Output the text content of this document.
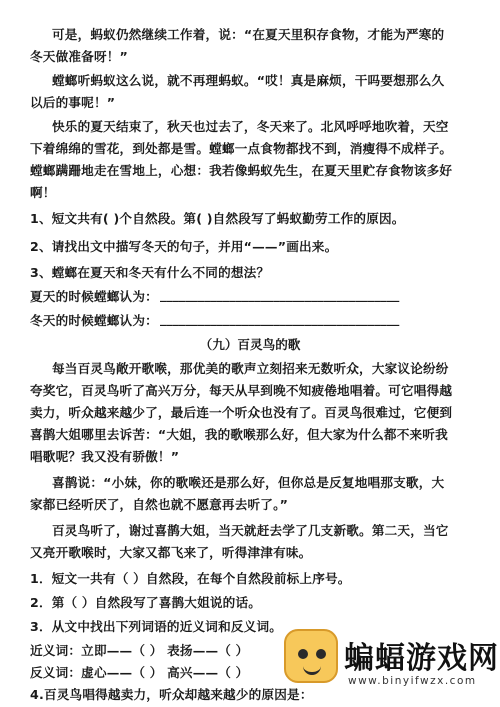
可是，蚂蚁仍然继续工作着，说：“在夏天里积存食物，才能为严寒的
冬天做准备呀！”
螳螂听蚂蚁这么说，就不再理蚂蚁。“哎！真是麻烦，干吗要想那么久
以后的事呢！”
快乐的夏天结束了，秋天也过去了，冬天来了。北风呼呼地吹着，天空
下着绵绵的雪花，到处都是雪。螳螂一点食物都找不到，消瘦得不成样子。
螳螂蹒跚地走在雪地上，心想：我若像蚂蚁先生，在夏天里贮存食物该多好
啊！
1、短文共有( )个自然段。第( )自然段写了蚂蚁勤劳工作的原因。
2、请找出文中描写冬天的句子，并用“——”画出来。
3、螳螂在夏天和冬天有什么不同的想法？
夏天的时候螳螂认为： ______________________________________
冬天的时候螳螂认为： ______________________________________
（九）百灵鸟的歌
每当百灵鸟敞开歌喉，那优美的歌声立刻招来无数听众，大家议论纷纷
夸奖它，百灵鸟听了高兴万分，每天从早到晚不知疲倦地唱着。可它唱得越
卖力，听众越来越少了，最后连一个听众也没有了。百灵鸟很难过，它便到
喜鹊大姐哪里去诉苦：“大姐，我的歌喉那么好，但大家为什么都不来听我
唱歌呢？我又没有骄傲！”
喜鹊说：“小妹，你的歌喉还是那么好，但你总是反复地唱那支歌，大
家都已经听厌了，自然也就不愿意再去听了。”
百灵鸟听了，谢过喜鹊大姐，当天就赶去学了几支新歌。第二天，当它
又亮开歌喉时，大家又都飞来了，听得津津有味。
1．短文一共有（ ）自然段，在每个自然段前标上序号。
2．第（ ）自然段写了喜鹊大姐说的话。
3．从文中找出下列词语的近义词和反义词。
近义词：立即——（ ） 表扬——（ ）
反义词：虚心——（ ） 高兴——（ ）
4.百灵鸟唱得越卖力，听众却越来越少的原因是：
蝙蝠游戏网
www.binyifwzx.com
